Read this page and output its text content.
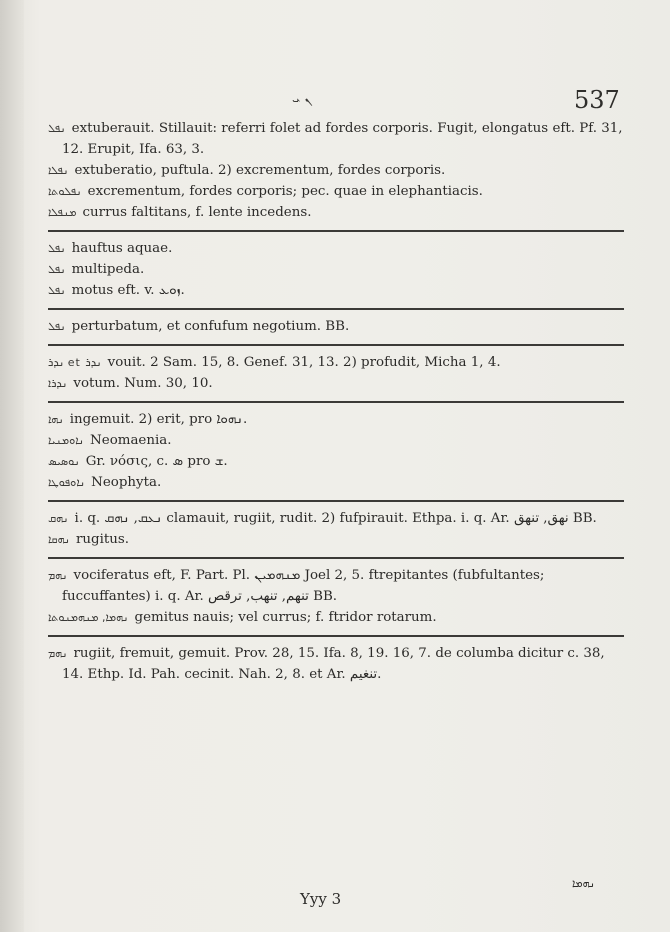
ܢ ܝ	537

ܢܦܠ extuberauit. Stillauit: referri folet ad fordes corporis. Fugit, elongatus eft. Pf. 31, 12. Erupit, Ifa. 63, 3.

ܢܦܠܐ extuberatio, puftula. 2) excrementum, fordes corporis.

ܢܦܠܘܬܐ excrementum, fordes corporis; pec. quae in elephantiacis.

ܡܢܦܠܐ currus faltitans, f. lente incedens.

ܢܦܠ hauftus aquae.

ܢܦܠ multipeda.

ܢܦܠ motus eft. v. ܙܘܥ.

ܢܦܠ perturbatum, et confufum negotium. BB.

ܢܕܪ et ܢܕܪ vouit. 2 Sam. 15, 8. Genef. 31, 13. 2) profudit, Micha 1, 4.

ܢܕܪܐ votum. Num. 30, 10.

ܢܗܐ ingemuit. 2) erit, pro ܢܗܘܐ.

ܢܐܘܡܢܝܐ Neomaenia.

ܢܘܣܝܣ Gr. νόσις, c. ܣ pro ܫ.

ܢܐܘܦܘܛܐ Neophyta.

ܢܗܩ i. q. ܢܥܩ, ܢܗܩ clamauit, rugiit, rudit. 2) fufpirauit. Ethpa. i. q. Ar. ﻧﻬﻖ, ﺗﻨﻬﻖ BB.

ܢܗܩܐ rugitus.

ܢܗܡ vociferatus eft, F. Part. Pl. ܡܢܗܡܝܢ Joel 2, 5. ftrepitantes (fubfultantes; fuccuffantes) i. q. Ar. ﺗﻨﻬﻢ, ﺗﻨﻬﺐ, ﺗﺮﻗﺺ BB.

ܢܗܡܐ, ܡܢܗܡܢܘܬܐ gemitus nauis; vel currus; f. ftridor rotarum.

ܢܗܡ rugiit, fremuit, gemuit. Prov. 28, 15. Ifa. 8, 19. 16, 7. de columba dicitur c. 38, 14. Ethp. Id. Pah. cecinit. Nah. 2, 8. et Ar. ﺗﻨﻐﻴﻢ.

ܢܗܡܐ
Yyy 3
